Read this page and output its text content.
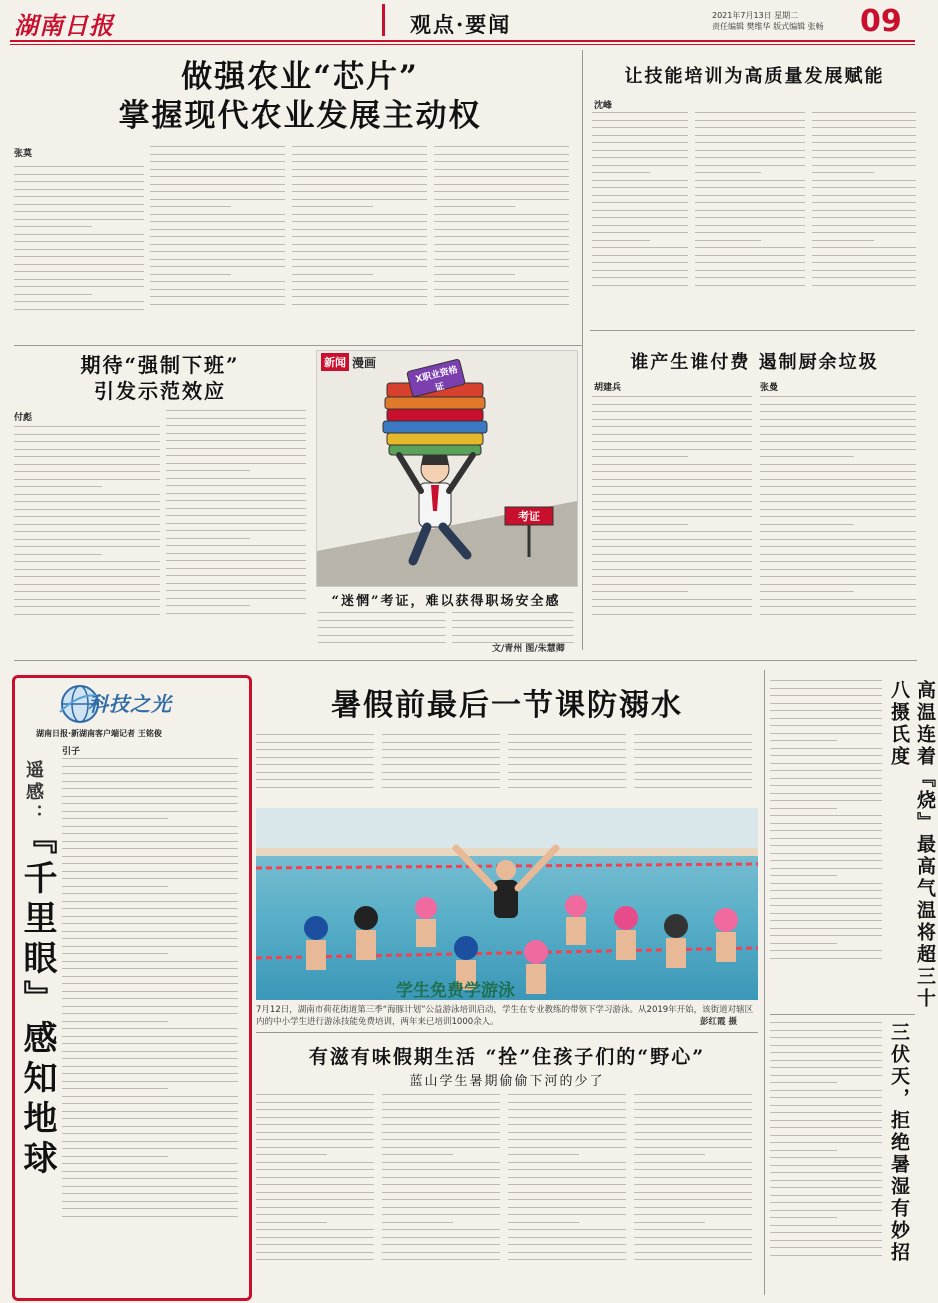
湖南日报	观点·要闻	2021年7月13日 星期二
责任编辑 樊维华 版式编辑 张畅	09
做强农业“芯片”
掌握现代农业发展主动权
张莫
让技能培训为高质量发展赋能
沈峰
期待“强制下班”
引发示范效应
付彪
新闻 漫画
X职业资格证
考证
“迷惘”考证，难以获得职场安全感
文/青州 图/朱慧卿
谁产生谁付费 遏制厨余垃圾
胡建兵	张曼
科技之光
湖南日报·新湖南客户端记者 王铭俊
遥感：
『千里眼』感知地球
引子
暑假前最后一节课防溺水
学生免费学游泳
7月12日，湖南市荷花街道第三季“海豚计划”公益游泳培训启动，学生在专业教练的带领下学习游泳。从2019年开始，该街道对辖区内的中小学生进行游泳技能免费培训，两年来已培训1000余人。	彭红霞 摄
有滋有味假期生活 “拴”住孩子们的“野心”
蓝山学生暑期偷偷下河的少了
高温连着『烧』最高气温将超三十八摄氏度
三伏天，拒绝暑湿有妙招
